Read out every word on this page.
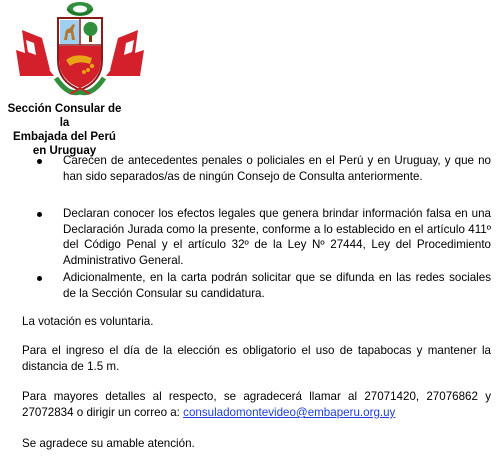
Sección Consular de la
Embajada del Perú
en Uruguay
Carecen de antecedentes penales o policiales en el Perú y en Uruguay, y que no han sido separados/as de ningún Consejo de Consulta anteriormente.
Declaran conocer los efectos legales que genera brindar información falsa en una Declaración Jurada como la presente, conforme a lo establecido en el artículo 411º del Código Penal y el artículo 32º de la Ley Nº 27444, Ley del Procedimiento Administrativo General.
Adicionalmente, en la carta podrán solicitar que se difunda en las redes sociales de la Sección Consular su candidatura.
La votación es voluntaria.
Para el ingreso el día de la elección es obligatorio el uso de tapabocas y mantener la distancia de 1.5 m.
Para mayores detalles al respecto, se agradecerá llamar al 27071420, 27076862 y 27072834 o dirigir un correo a: consuladomontevideo@embaperu.org.uy
Se agradece su amable atención.
